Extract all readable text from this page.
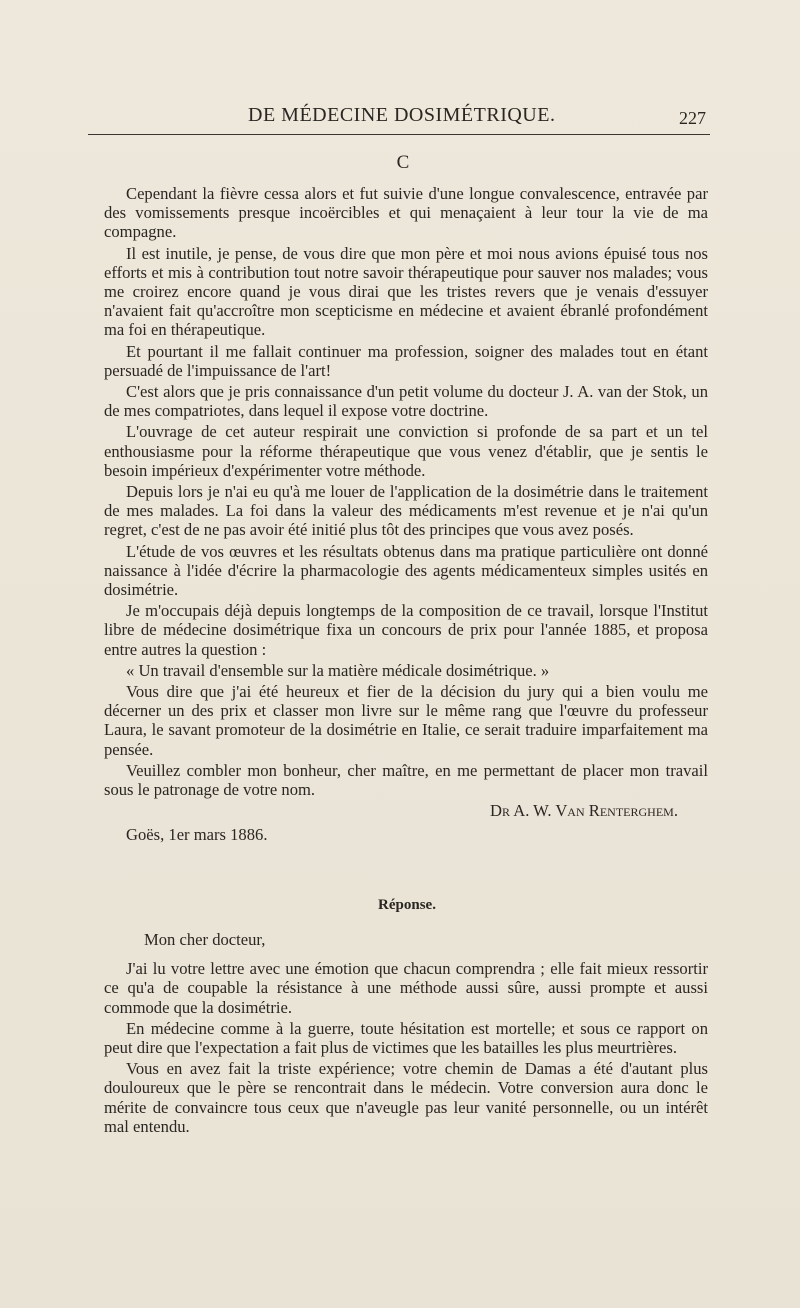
DE MÉDECINE DOSIMÉTRIQUE.	227
C

Cependant la fièvre cessa alors et fut suivie d'une longue convalescence, entravée par des vomissements presque incoërcibles et qui menaçaient à leur tour la vie de ma compagne.

Il est inutile, je pense, de vous dire que mon père et moi nous avions épuisé tous nos efforts et mis à contribution tout notre savoir thérapeutique pour sauver nos malades; vous me croirez encore quand je vous dirai que les tristes revers que je venais d'essuyer n'avaient fait qu'accroître mon scepticisme en médecine et avaient ébranlé profondément ma foi en thérapeutique.

Et pourtant il me fallait continuer ma profession, soigner des malades tout en étant persuadé de l'impuissance de l'art!

C'est alors que je pris connaissance d'un petit volume du docteur J. A. van der Stok, un de mes compatriotes, dans lequel il expose votre doctrine.

L'ouvrage de cet auteur respirait une conviction si profonde de sa part et un tel enthousiasme pour la réforme thérapeutique que vous venez d'établir, que je sentis le besoin impérieux d'expérimenter votre méthode.

Depuis lors je n'ai eu qu'à me louer de l'application de la dosimétrie dans le traitement de mes malades. La foi dans la valeur des médicaments m'est revenue et je n'ai qu'un regret, c'est de ne pas avoir été initié plus tôt des principes que vous avez posés.

L'étude de vos œuvres et les résultats obtenus dans ma pratique particulière ont donné naissance à l'idée d'écrire la pharmacologie des agents médicamenteux simples usités en dosimétrie.

Je m'occupais déjà depuis longtemps de la composition de ce travail, lorsque l'Institut libre de médecine dosimétrique fixa un concours de prix pour l'année 1885, et proposa entre autres la question :

« Un travail d'ensemble sur la matière médicale dosimétrique. »

Vous dire que j'ai été heureux et fier de la décision du jury qui a bien voulu me décerner un des prix et classer mon livre sur le même rang que l'œuvre du professeur Laura, le savant promoteur de la dosimétrie en Italie, ce serait traduire imparfaitement ma pensée.

Veuillez combler mon bonheur, cher maître, en me permettant de placer mon travail sous le patronage de votre nom.

Dr A. W. Van Renterghem.

Goës, 1er mars 1886.

Réponse.

Mon cher docteur,

J'ai lu votre lettre avec une émotion que chacun comprendra ; elle fait mieux ressortir ce qu'a de coupable la résistance à une méthode aussi sûre, aussi prompte et aussi commode que la dosimétrie.

En médecine comme à la guerre, toute hésitation est mortelle; et sous ce rapport on peut dire que l'expectation a fait plus de victimes que les batailles les plus meurtrières.

Vous en avez fait la triste expérience; votre chemin de Damas a été d'autant plus douloureux que le père se rencontrait dans le médecin. Votre conversion aura donc le mérite de convaincre tous ceux que n'aveugle pas leur vanité personnelle, ou un intérêt mal entendu.
